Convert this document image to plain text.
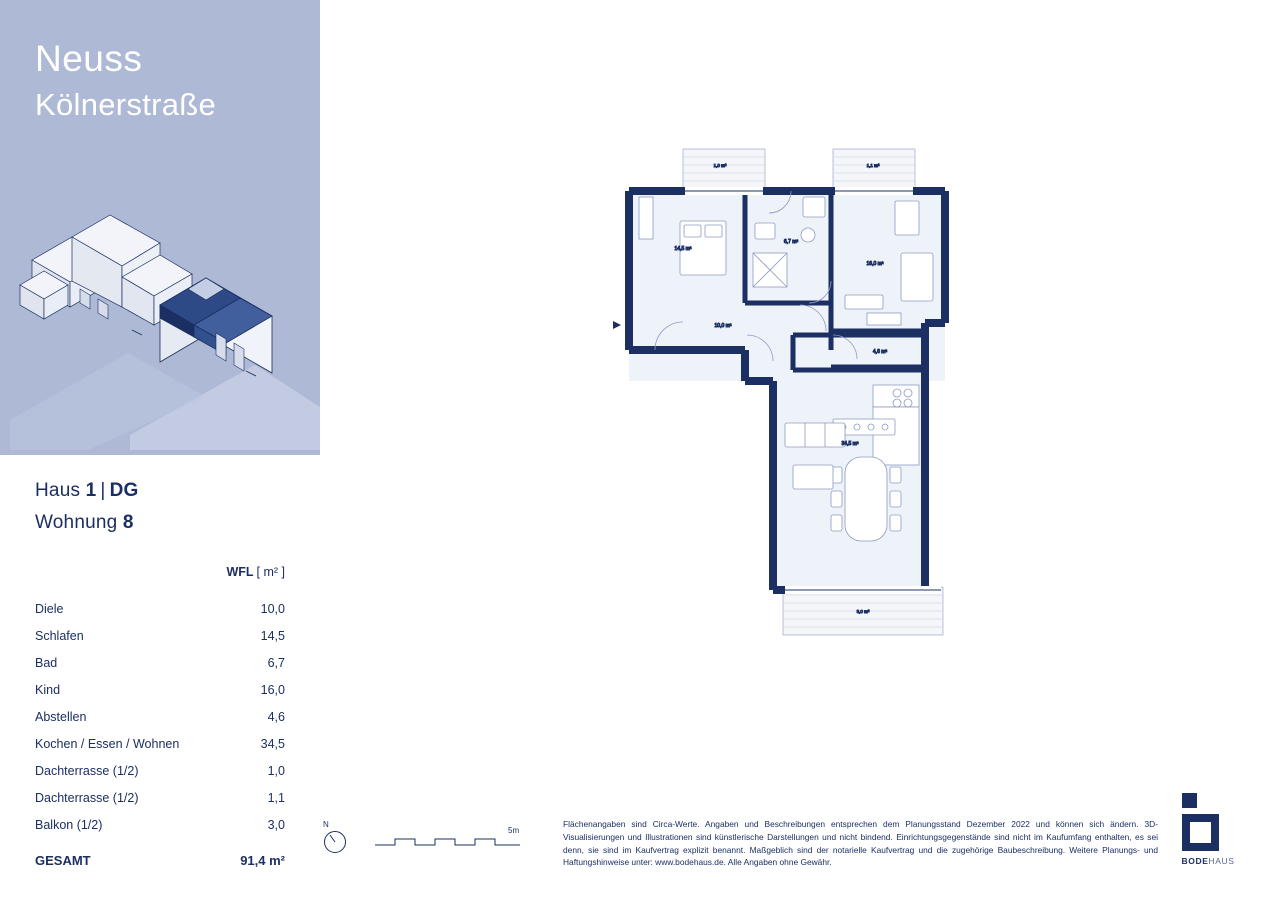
Neuss
Kölnerstraße
Haus 1 | DG
Wohnung 8
WFL [ m² ]
Diele	10,0
Schlafen	14,5
Bad	6,7
Kind	16,0
Abstellen	4,6
Kochen / Essen / Wohnen	34,5
Dachterrasse (1/2)	1,0
Dachterrasse (1/2)	1,1
Balkon (1/2)	3,0
GESAMT	91,4 m²
N
5m
Flächenangaben sind Circa-Werte. Angaben und Beschreibungen entsprechen dem Planungsstand Dezember 2022 und können sich ändern. 3D-Visualisierungen und Illustrationen sind künstlerische Darstellungen und nicht bindend. Einrichtungsgegenstände sind nicht im Kaufumfang enthalten, es sei denn, sie sind im Kaufvertrag explizit benannt. Maßgeblich sind der notarielle Kaufvertrag und die zugehörige Baubeschreibung. Weitere Planungs- und Haftungshinweise unter: www.bodehaus.de. Alle Angaben ohne Gewähr.	BODEHAUS
1,0 m²	1,1 m²
3,0 m²
14,5 m²
6,7 m²
16,0 m²
10,0 m²
4,6 m²
34,5 m²
